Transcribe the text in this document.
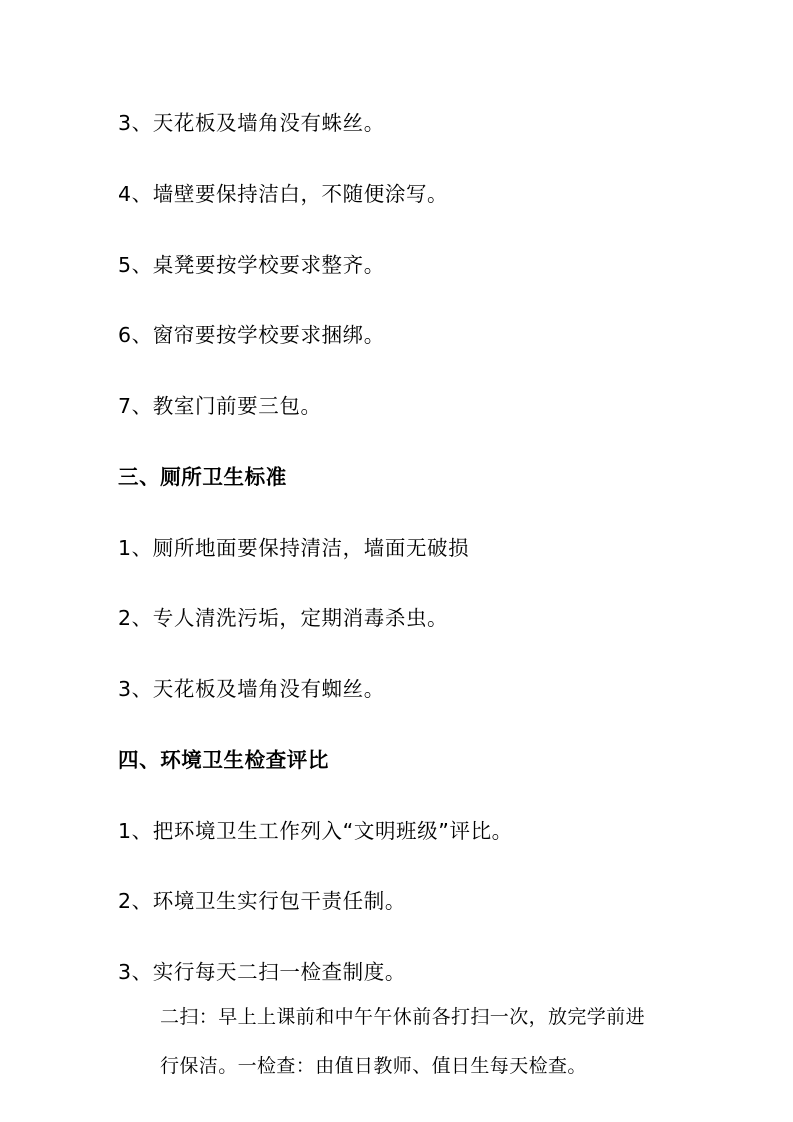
3、天花板及墙角没有蛛丝。

4、墙壁要保持洁白，不随便涂写。

5、桌凳要按学校要求整齐。

6、窗帘要按学校要求捆绑。

7、教室门前要三包。

三、厕所卫生标准

1、厕所地面要保持清洁，墙面无破损

2、专人清洗污垢，定期消毒杀虫。

3、天花板及墙角没有蜘丝。

四、环境卫生检查评比

1、把环境卫生工作列入“文明班级”评比。

2、环境卫生实行包干责任制。

3、实行每天二扫一检查制度。

二扫：早上上课前和中午午休前各打扫一次，放完学前进

行保洁。一检查：由值日教师、值日生每天检查。
